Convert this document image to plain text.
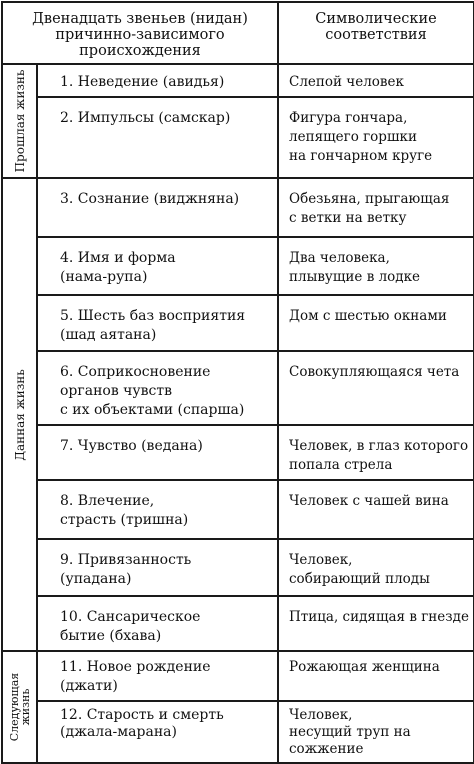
Двенадцать звеньев (нидан)
причинно-зависимого
происхождения		Символические
соответствия

Прошлая жизнь	1. Неведение (авидья)	Слепой человек
	2. Импульсы (самскар)	Фигура гончара,
лепящего горшки
на гончарном круге

Данная жизнь	3. Сознание (виджняна)	Обезьяна, прыгающая
с ветки на ветку
	4. Имя и форма
(нама-рупа)	Два человека,
плывущие в лодке
	5. Шесть баз восприятия
(шад аятана)	Дом с шестью окнами
	6. Соприкосновение
органов чувств
с их объектами (спарша)	Совокупляющаяся чета
	7. Чувство (ведана)	Человек, в глаз которого
попала стрела
	8. Влечение,
страсть (тришна)	Человек с чашей вина
	9. Привязанность
(упадана)	Человек,
собирающий плоды
	10. Сансарическое
бытие (бхава)	Птица, сидящая в гнезде

Следующая
жизнь	11. Новое рождение (джати)	Рожающая женщина
	12. Старость и смерть
(джала-марана)	Человек,
несущий труп на сожжение
